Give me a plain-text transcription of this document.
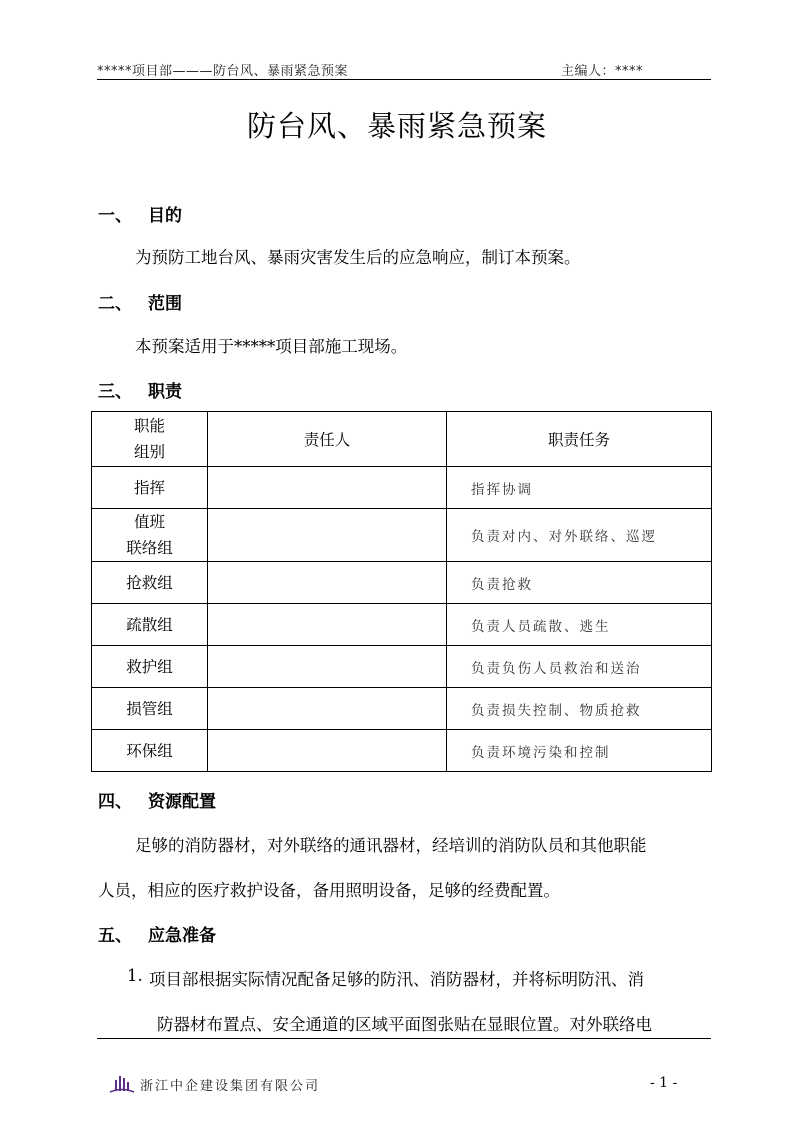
*****项目部———防台风、暴雨紧急预案	主编人：****
防台风、暴雨紧急预案
一、 目的
为预防工地台风、暴雨灾害发生后的应急响应，制订本预案。
二、 范围
本预案适用于*****项目部施工现场。
三、 职责
职能
组别	责任人	职责任务
指挥		指挥协调

值班
联络组		负责对内、对外联络、巡逻
抢救组		负责抢救
疏散组		负责人员疏散、逃生
救护组		负责负伤人员救治和送治
损管组		负责损失控制、物质抢救
环保组		负责环境污染和控制
四、 资源配置
足够的消防器材，对外联络的通讯器材，经培训的消防队员和其他职能
人员，相应的医疗救护设备，备用照明设备，足够的经费配置。
五、 应急准备
1. 项目部根据实际情况配备足够的防汛、消防器材，并将标明防汛、消
防器材布置点、安全通道的区域平面图张贴在显眼位置。对外联络电
浙江中企建设集团有限公司	- 1 -
